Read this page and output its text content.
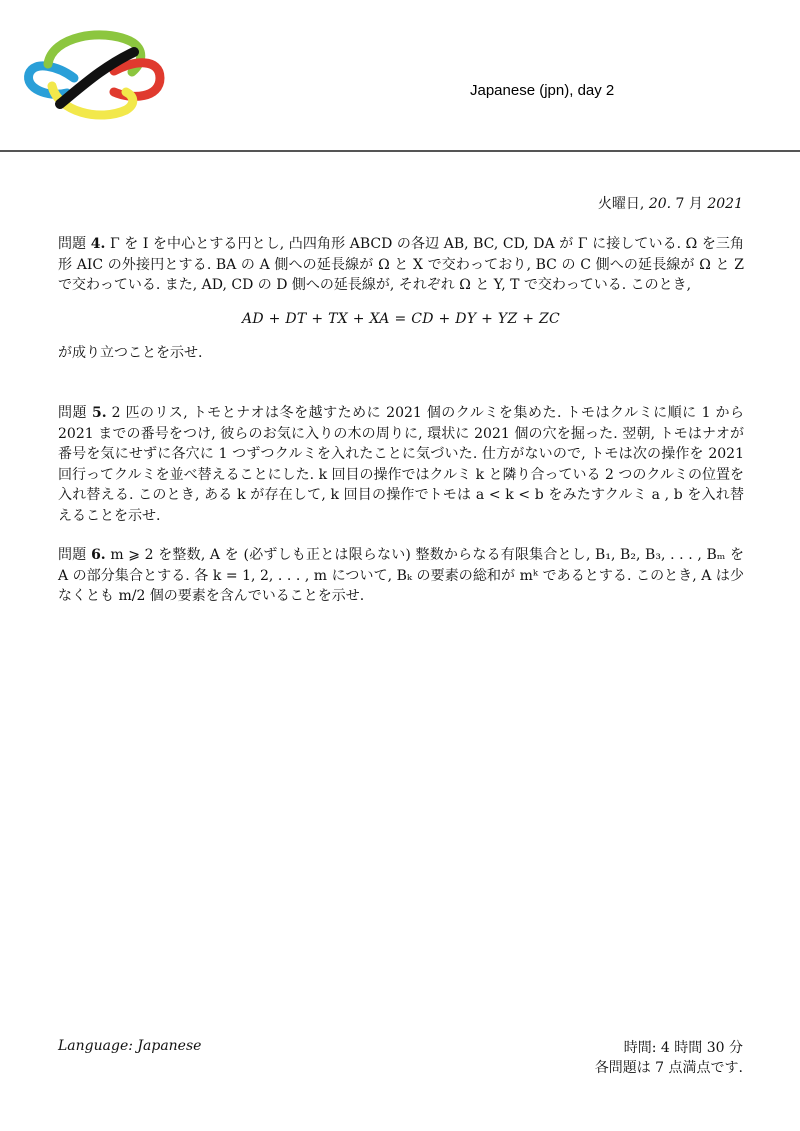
Japanese (jpn), day 2
火曜日, 20. 7 月 2021
問題 4. Γ を I を中心とする円とし, 凸四角形 ABCD の各辺 AB, BC, CD, DA が Γ に接している. Ω を三角形 AIC の外接円とする. BA の A 側への延長線が Ω と X で交わっており, BC の C 側への延長線が Ω と Z で交わっている. また, AD, CD の D 側への延長線が, それぞれ Ω と Y, T で交わっている. このとき,
AD + DT + TX + XA = CD + DY + YZ + ZC
が成り立つことを示せ.
問題 5. 2 匹のリス, トモとナオは冬を越すために 2021 個のクルミを集めた. トモはクルミに順に 1 から 2021 までの番号をつけ, 彼らのお気に入りの木の周りに, 環状に 2021 個の穴を掘った. 翌朝, トモはナオが番号を気にせずに各穴に 1 つずつクルミを入れたことに気づいた. 仕方がないので, トモは次の操作を 2021 回行ってクルミを並べ替えることにした. k 回目の操作ではクルミ k と隣り合っている 2 つのクルミの位置を入れ替える. このとき, ある k が存在して, k 回目の操作でトモは a < k < b をみたすクルミ a , b を入れ替えることを示せ.
問題 6. m ⩾ 2 を整数, A を (必ずしも正とは限らない) 整数からなる有限集合とし, B₁, B₂, B₃, . . . , Bₘ を A の部分集合とする. 各 k = 1, 2, . . . , m について, Bₖ の要素の総和が mᵏ であるとする. このとき, A は少なくとも m/2 個の要素を含んでいることを示せ.
Language: Japanese	時間: 4 時間 30 分
各問題は 7 点満点です.
